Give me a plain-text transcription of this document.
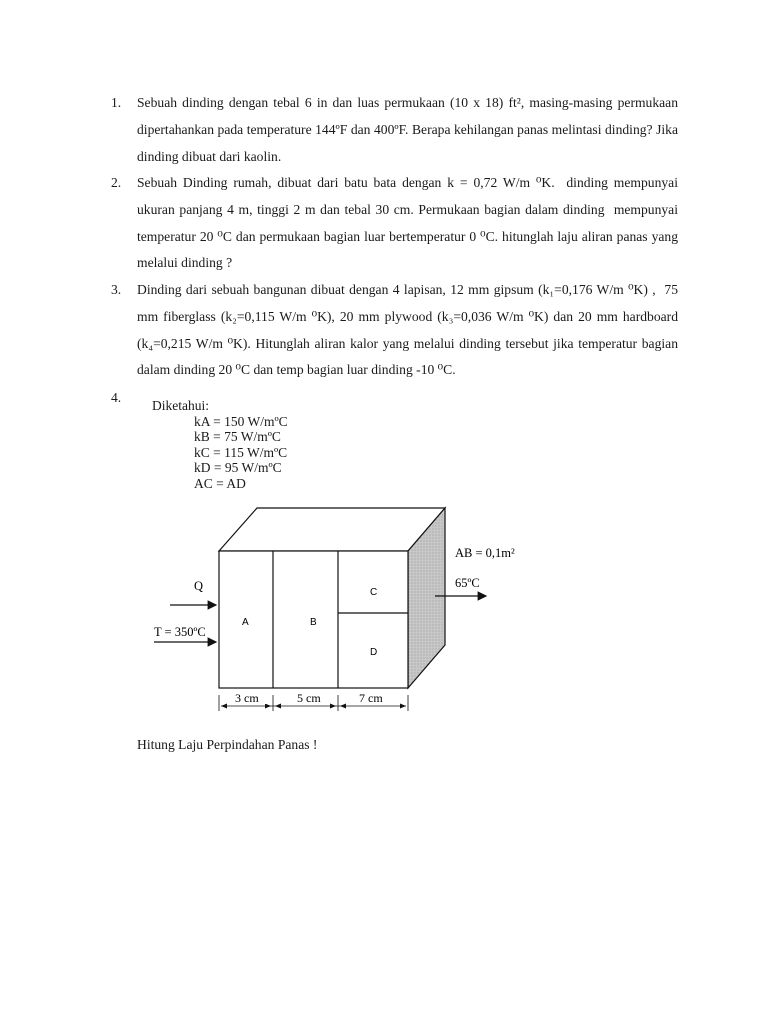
1. Sebuah dinding dengan tebal 6 in dan luas permukaan (10 x 18) ft², masing-masing permukaan dipertahankan pada temperature 144ºF dan 400ºF. Berapa kehilangan panas melintasi dinding? Jika dinding dibuat dari kaolin.
2. Sebuah Dinding rumah, dibuat dari batu bata dengan k = 0,72 W/m ⁰K.  dinding mempunyai ukuran panjang 4 m, tinggi 2 m dan tebal 30 cm. Permukaan bagian dalam dinding  mempunyai temperatur 20 ⁰C dan permukaan bagian luar bertemperatur 0 ⁰C. hitunglah laju aliran panas yang melalui dinding ?
3. Dinding dari sebuah bangunan dibuat dengan 4 lapisan, 12 mm gipsum (k₁=0,176 W/m ⁰K) ,  75 mm fiberglass (k₂=0,115 W/m ⁰K), 20 mm plywood (k₃=0,036 W/m ⁰K) dan 20 mm hardboard (k₄=0,215 W/m ⁰K). Hitunglah aliran kalor yang melalui dinding tersebut jika temperatur bagian dalam dinding 20 ⁰C dan temp bagian luar dinding -10 ⁰C.
4.
Diketahui:
kA = 150 W/mºC
kB = 75 W/mºC
kC = 115 W/mºC
kD = 95 W/mºC
AC = AD
A	B
C
D
Q
T = 350ºC
AB = 0,1m²
65ºC
3 cm	5 cm	7 cm
Hitung Laju Perpindahan Panas !
